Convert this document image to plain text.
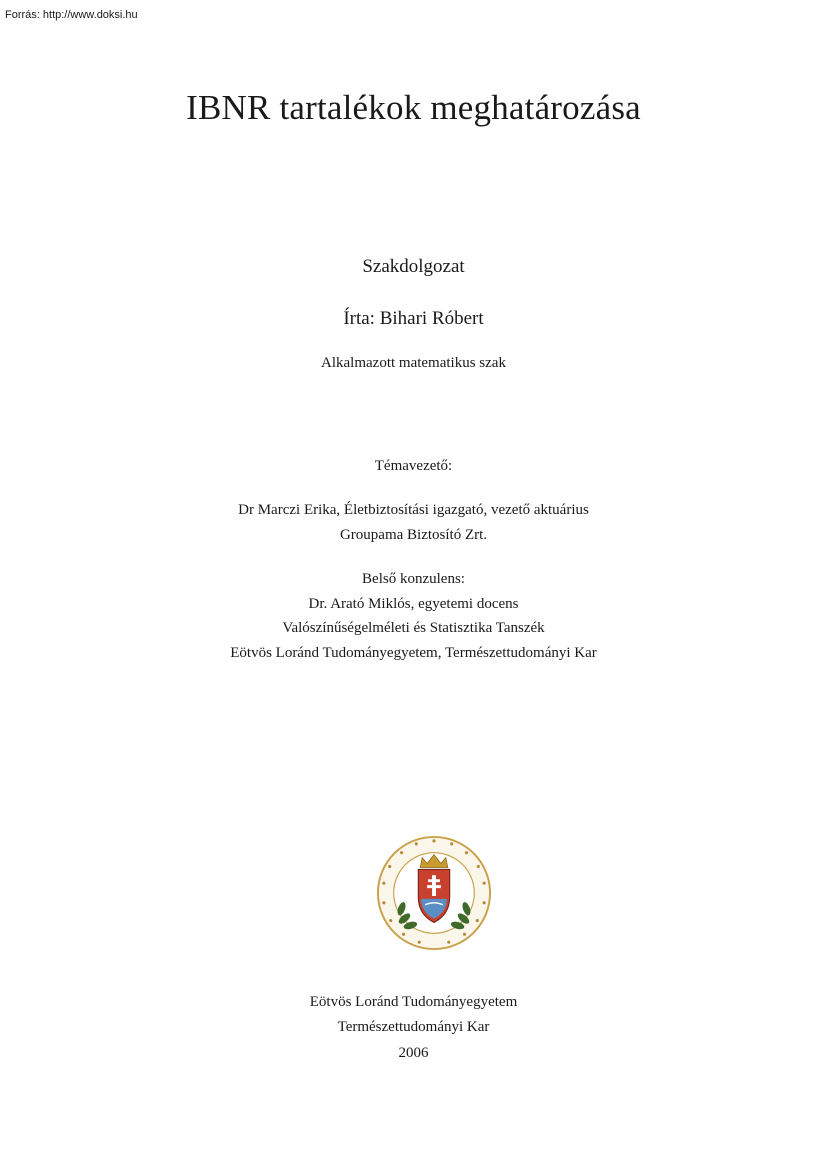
Forrás: http://www.doksi.hu
IBNR tartalékok meghatározása
Szakdolgozat
Írta: Bihari Róbert
Alkalmazott matematikus szak
Témavezető:
Dr Marczi Erika, Életbiztosítási igazgató, vezető aktuárius
Groupama Biztosító Zrt.
Belső konzulens:
Dr. Arató Miklós, egyetemi docens
Valószínűségelméleti és Statisztika Tanszék
Eötvös Loránd Tudományegyetem, Természettudományi Kar
Eötvös Loránd Tudományegyetem
Természettudományi Kar
2006
